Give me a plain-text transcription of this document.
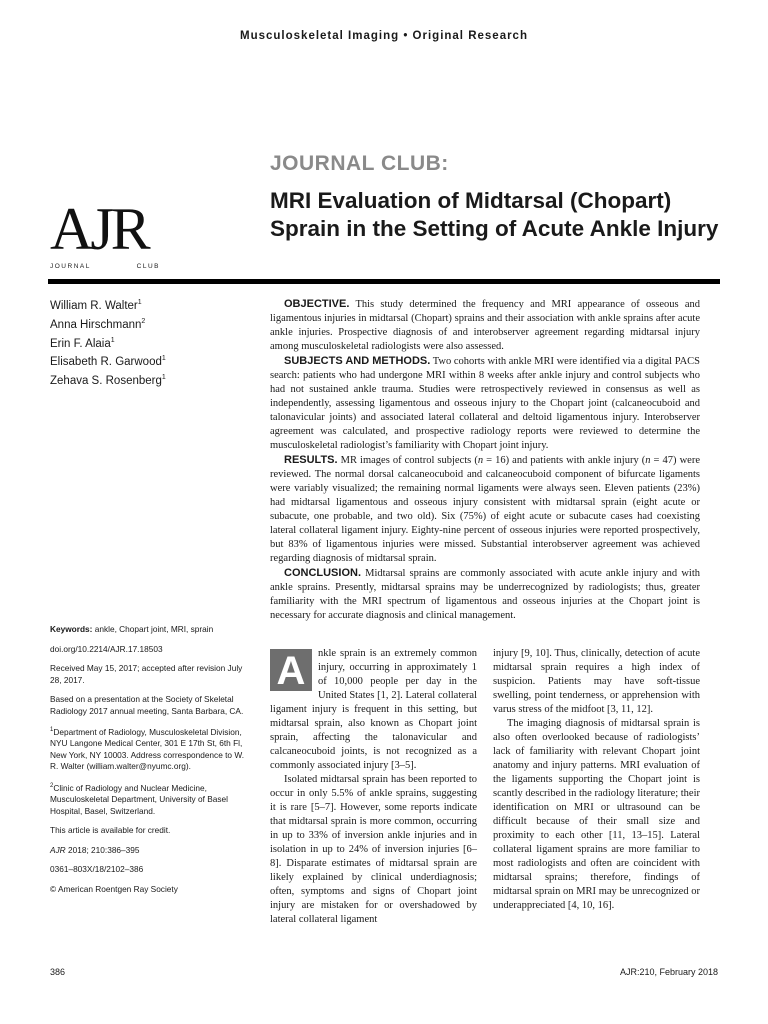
Musculoskeletal Imaging • Original Research
AJR
JOURNAL	CLUB
JOURNAL CLUB:
MRI Evaluation of Midtarsal (Chopart) Sprain in the Setting of Acute Ankle Injury
William R. Walter$^1$
Anna Hirschmann$^2$
Erin F. Alaia$^1$
Elisabeth R. Garwood$^1$
Zehava S. Rosenberg$^1$

OBJECTIVE. This study determined the frequency and MRI appearance of osseous and ligamentous injuries in midtarsal (Chopart) sprains and their association with ankle sprains after acute ankle injuries. Prospective diagnosis of and interobserver agreement regarding midtarsal injury among musculoskeletal radiologists were also assessed.

SUBJECTS AND METHODS. Two cohorts with ankle MRI were identified via a digital PACS search: patients who had undergone MRI within 8 weeks after ankle injury and control subjects who had not sustained ankle trauma. Studies were retrospectively reviewed in consensus as well as independently, assessing ligamentous and osseous injury to the Chopart joint (calcaneocuboid and talonavicular joints) and associated lateral collateral and deltoid ligamentous injury. Interobserver agreement was calculated, and prospective radiology reports were reviewed to determine the musculoskeletal radiologist’s familiarity with Chopart joint injury.

RESULTS. MR images of control subjects (n = 16) and patients with ankle injury (n = 47) were reviewed. The normal dorsal calcaneocuboid and calcaneocuboid component of bifurcate ligaments were variably visualized; the remaining normal ligaments were always seen. Eleven patients (23%) had midtarsal ligamentous and osseous injury consistent with midtarsal sprain (eight acute or subacute, one probable, and two old). Six (75%) of eight acute or subacute cases had coexisting lateral collateral ligament injury. Eighty-nine percent of osseous injuries were reported prospectively, but 83% of ligamentous injuries were missed. Substantial interobserver agreement was achieved regarding diagnosis of midtarsal sprain.

CONCLUSION. Midtarsal sprains are commonly associated with acute ankle injury and with ankle sprains. Presently, midtarsal sprains may be underrecognized by radiologists; thus, greater familiarity with the MRI spectrum of ligamentous and osseous injuries at the Chopart joint is necessary for accurate diagnosis and clinical management.

Keywords: ankle, Chopart joint, MRI, sprain

doi.org/10.2214/AJR.17.18503

Received May 15, 2017; accepted after revision July 28, 2017.

Based on a presentation at the Society of Skeletal Radiology 2017 annual meeting, Santa Barbara, CA.

$^1$Department of Radiology, Musculoskeletal Division, NYU Langone Medical Center, 301 E 17th St, 6th Fl, New York, NY 10003. Address correspondence to W. R. Walter (william.walter@nyumc.org).

$^2$Clinic of Radiology and Nuclear Medicine, Musculoskeletal Department, University of Basel Hospital, Basel, Switzerland.

This article is available for credit.

AJR 2018; 210:386–395

0361–803X/18/2102–386

© American Roentgen Ray Society

A	nkle sprain is an extremely common injury, occurring in approximately 1 of 10,000 people per day in the United States [1, 2]. Lateral collateral ligament injury is frequent in this setting, but midtarsal sprain, also known as Chopart joint sprain, affecting the talonavicular and calcaneocuboid joints, is not recognized as a commonly associated injury [3–5].

Isolated midtarsal sprain has been reported to occur in only 5.5% of ankle sprains, suggesting it is rare [5–7]. However, some reports indicate that midtarsal sprain is more common, occurring in up to 33% of inversion ankle injuries and in isolation in up to 24% of inversion injuries [6–8]. Disparate estimates of midtarsal sprain are likely explained by clinical underdiagnosis; often, symptoms and signs of Chopart joint injury are mistaken for or overshadowed by lateral collateral ligament

injury [9, 10]. Thus, clinically, detection of acute midtarsal sprain requires a high index of suspicion. Patients may have soft-tissue swelling, point tenderness, or apprehension with varus stress of the midfoot [3, 11, 12].

The imaging diagnosis of midtarsal sprain is also often overlooked because of radiologists’ lack of familiarity with relevant Chopart joint anatomy and injury patterns. MRI evaluation of the ligaments supporting the Chopart joint is scantly described in the radiology literature; their identification on MRI or ultrasound can be difficult because of their small size and proximity to each other [11, 13–15]. Lateral collateral ligament sprains are more familiar to most radiologists and often are coincident with midtarsal sprains; therefore, findings of midtarsal sprain on MRI may be unrecognized or underappreciated [4, 10, 16].

386	AJR:210, February 2018
